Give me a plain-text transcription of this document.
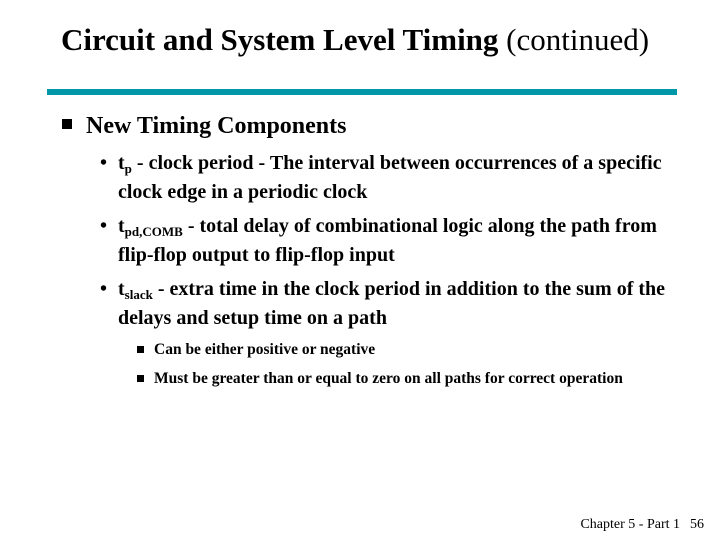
Circuit and System Level Timing (continued)
New Timing Components
• $t_p$ - clock period - The interval between occurrences of a specific clock edge in a periodic clock
• $t_{pd,COMB}$ - total delay of combinational logic along the path from flip-flop output to flip-flop input
• $t_{slack}$ - extra time in the clock period in addition to the sum of the delays and setup time on a path
Can be either positive or negative
Must be greater than or equal to zero on all paths for correct operation
Chapter 5 - Part 1 56
